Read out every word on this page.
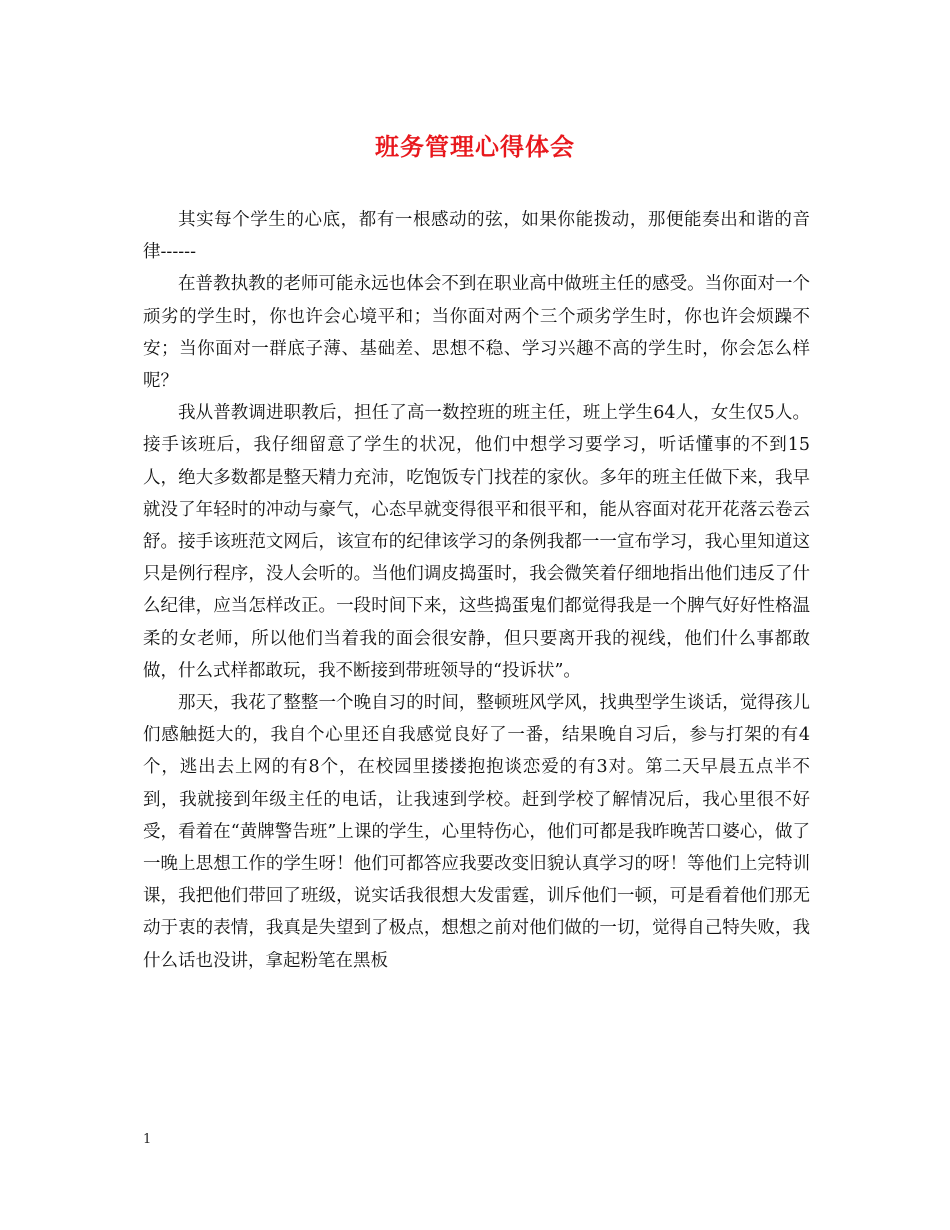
班务管理心得体会

其实每个学生的心底，都有一根感动的弦，如果你能拨动，那便能奏出和谐的音律------

在普教执教的老师可能永远也体会不到在职业高中做班主任的感受。当你面对一个顽劣的学生时，你也许会心境平和；当你面对两个三个顽劣学生时，你也许会烦躁不安；当你面对一群底子薄、基础差、思想不稳、学习兴趣不高的学生时，你会怎么样呢？

我从普教调进职教后，担任了高一数控班的班主任，班上学生64人，女生仅5人。接手该班后，我仔细留意了学生的状况，他们中想学习要学习，听话懂事的不到15人，绝大多数都是整天精力充沛，吃饱饭专门找茬的家伙。多年的班主任做下来，我早就没了年轻时的冲动与豪气，心态早就变得很平和很平和，能从容面对花开花落云卷云舒。接手该班范文网后，该宣布的纪律该学习的条例我都一一宣布学习，我心里知道这只是例行程序，没人会听的。当他们调皮捣蛋时，我会微笑着仔细地指出他们违反了什么纪律，应当怎样改正。一段时间下来，这些捣蛋鬼们都觉得我是一个脾气好好性格温柔的女老师，所以他们当着我的面会很安静，但只要离开我的视线，他们什么事都敢做，什么式样都敢玩，我不断接到带班领导的“投诉状”。

那天，我花了整整一个晚自习的时间，整顿班风学风，找典型学生谈话，觉得孩儿们感触挺大的，我自个心里还自我感觉良好了一番，结果晚自习后，参与打架的有4个，逃出去上网的有8个，在校园里搂搂抱抱谈恋爱的有3对。第二天早晨五点半不到，我就接到年级主任的电话，让我速到学校。赶到学校了解情况后，我心里很不好受，看着在“黄牌警告班”上课的学生，心里特伤心，他们可都是我昨晚苦口婆心，做了一晚上思想工作的学生呀！他们可都答应我要改变旧貌认真学习的呀！等他们上完特训课，我把他们带回了班级，说实话我很想大发雷霆，训斥他们一顿，可是看着他们那无动于衷的表情，我真是失望到了极点，想想之前对他们做的一切，觉得自己特失败，我什么话也没讲，拿起粉笔在黑板

1
